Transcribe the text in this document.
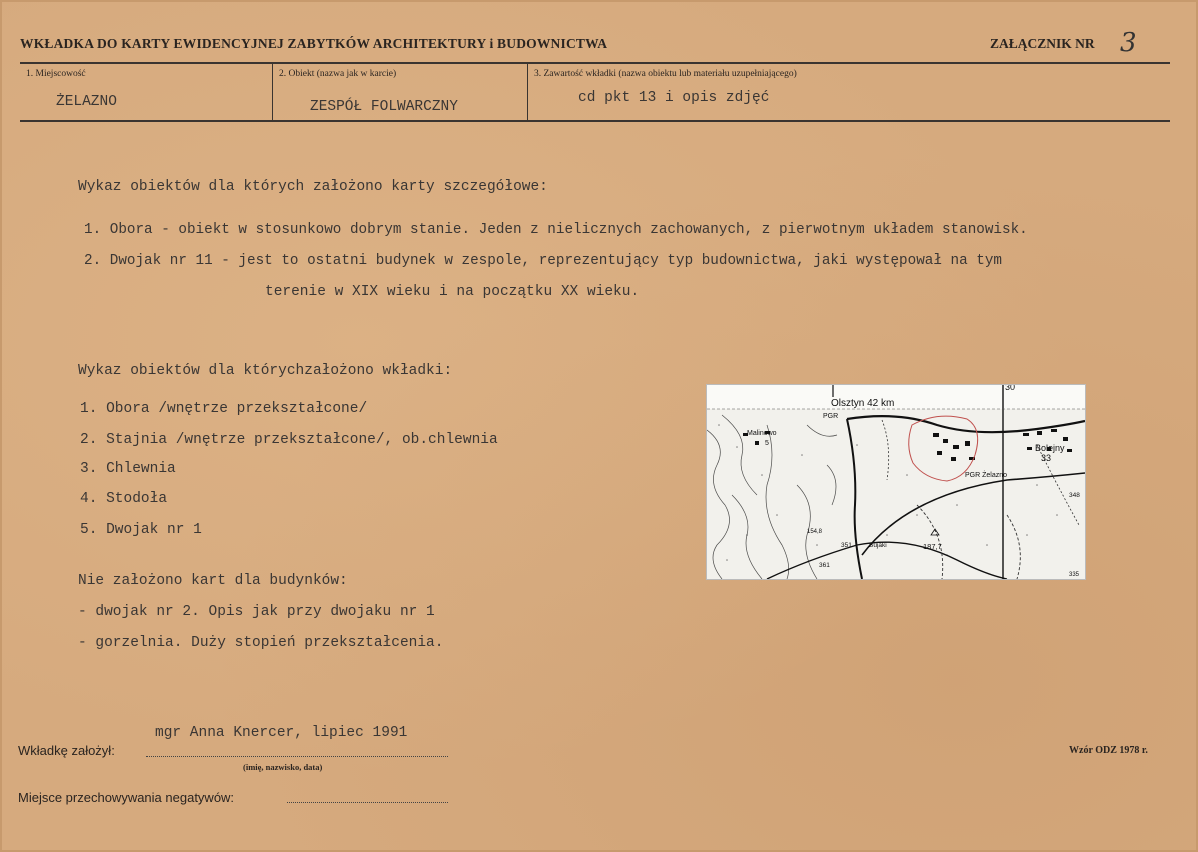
WKŁADKA DO KARTY EWIDENCYJNEJ ZABYTKÓW ARCHITEKTURY i BUDOWNICTWA	ZAŁĄCZNIK NR 3
1. Miejscowość
ŻELAZNO
2. Obiekt (nazwa jak w karcie)
ZESPÓŁ FOLWARCZNY
3. Zawartość wkładki (nazwa obiektu lub materiału uzupełniającego)
cd pkt 13 i opis zdjęć
Wykaz obiektów dla których założono karty szczegółowe:
1. Obora - obiekt w stosunkowo dobrym stanie. Jeden z nielicznych zachowanych, z pierwotnym układem stanowisk.
2. Dwojak nr 11 - jest to ostatni budynek w zespole, reprezentujący typ budownictwa, jaki występował na tym
terenie w XIX wieku i na początku XX wieku.
Wykaz obiektów dla którychzałożono wkładki:
1. Obora /wnętrze przekształcone/
2. Stajnia /wnętrze przekształcone/, ob.chlewnia
3. Chlewnia
4. Stodoła
5. Dwojak nr 1
Nie założono kart dla budynków:
- dwojak nr 2. Opis jak przy dwojaku nr 1
- gorzelnia. Duży stopień przekształcenia.
Olsztyn 42 km
30
Malinowo
5
PGR
PGR Żelazno
Bolejny
33
Bujaki	187,7
351
361
348
154,8
335
mgr Anna Knercer, lipiec 1991
Wkładkę założył:
(imię, nazwisko, data)
Wzór ODZ 1978 r.
Miejsce przechowywania negatywów:
